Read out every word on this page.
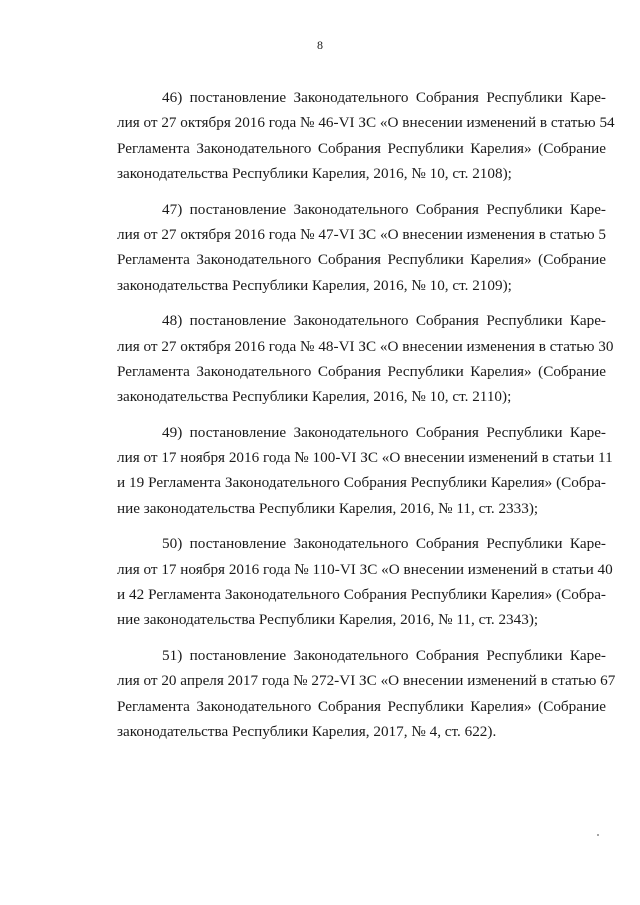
8

46) постановление Законодательного Собрания Республики Каре-
лия от 27 октября 2016 года № 46-VI ЗС «О внесении изменений в статью 54
Регламента Законодательного Собрания Республики Карелия» (Собрание
законодательства Республики Карелия, 2016, № 10, ст. 2108);

47) постановление Законодательного Собрания Республики Каре-
лия от 27 октября 2016 года № 47-VI ЗС «О внесении изменения в статью 5
Регламента Законодательного Собрания Республики Карелия» (Собрание
законодательства Республики Карелия, 2016, № 10, ст. 2109);

48) постановление Законодательного Собрания Республики Каре-
лия от 27 октября 2016 года № 48-VI ЗС «О внесении изменения в статью 30
Регламента Законодательного Собрания Республики Карелия» (Собрание
законодательства Республики Карелия, 2016, № 10, ст. 2110);

49) постановление Законодательного Собрания Республики Каре-
лия от 17 ноября 2016 года № 100-VI ЗС «О внесении изменений в статьи 11
и 19 Регламента Законодательного Собрания Республики Карелия» (Собра-
ние законодательства Республики Карелия, 2016, № 11, ст. 2333);

50) постановление Законодательного Собрания Республики Каре-
лия от 17 ноября 2016 года № 110-VI ЗС «О внесении изменений в статьи 40
и 42 Регламента Законодательного Собрания Республики Карелия» (Собра-
ние законодательства Республики Карелия, 2016, № 11, ст. 2343);

51) постановление Законодательного Собрания Республики Каре-
лия от 20 апреля 2017 года № 272-VI ЗС «О внесении изменений в статью 67
Регламента Законодательного Собрания Республики Карелия» (Собрание
законодательства Республики Карелия, 2017, № 4, ст. 622).
